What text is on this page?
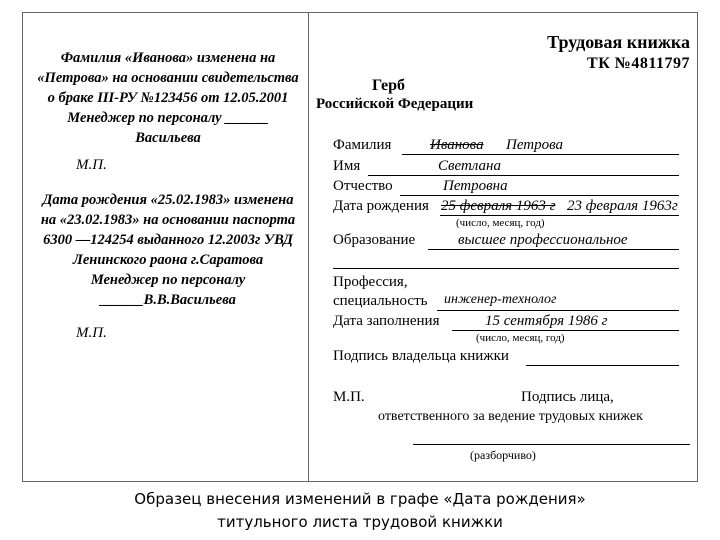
Фамилия «Иванова» изменена на
«Петрова» на основании свидетельства
о браке III-РУ №123456 от 12.05.2001
Менеджер по персоналу ______
Васильева
М.П.
Дата рождения «25.02.1983» изменена
на «23.02.1983» на основании паспорта
6300 —124254 выданного 12.2003г УВД
Ленинского раона г.Саратова
Менеджер по персоналу
______В.В.Васильева
М.П.
Трудовая книжка
ТК №4811797
Герб
Российской Федерации
Фамилия	Иванова Петрова
Имя	Светлана
Отчество	Петровна
Дата рождения 25 февраля 1963 г 23 февраля 1963г
(число, месяц, год)
Образование	высшее профессиональное
Профессия,
специальность инженер-технолог
Дата заполнения	15 сентября 1986 г
(число, месяц, год)
Подпись владельца книжки
М.П.	Подпись лица,
ответственного за ведение трудовых книжек
(разборчиво)
Образец внесения изменений в графе «Дата рождения»
титульного листа трудовой книжки
